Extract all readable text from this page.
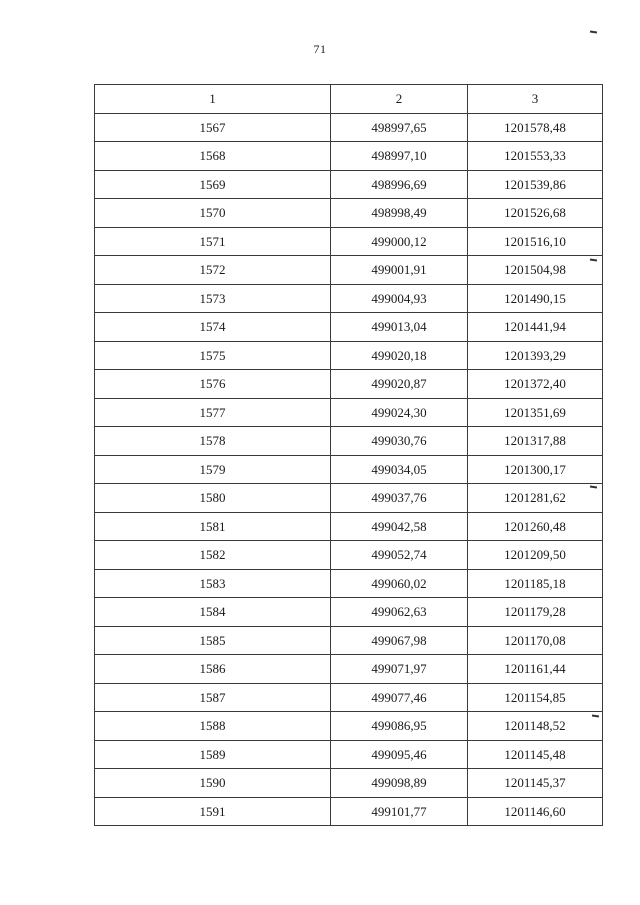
71
1	2	3
1567	498997,65	1201578,48
1568	498997,10	1201553,33
1569	498996,69	1201539,86
1570	498998,49	1201526,68
1571	499000,12	1201516,10
1572	499001,91	1201504,98
1573	499004,93	1201490,15
1574	499013,04	1201441,94
1575	499020,18	1201393,29
1576	499020,87	1201372,40
1577	499024,30	1201351,69
1578	499030,76	1201317,88
1579	499034,05	1201300,17
1580	499037,76	1201281,62
1581	499042,58	1201260,48
1582	499052,74	1201209,50
1583	499060,02	1201185,18
1584	499062,63	1201179,28
1585	499067,98	1201170,08
1586	499071,97	1201161,44
1587	499077,46	1201154,85
1588	499086,95	1201148,52
1589	499095,46	1201145,48
1590	499098,89	1201145,37
1591	499101,77	1201146,60
